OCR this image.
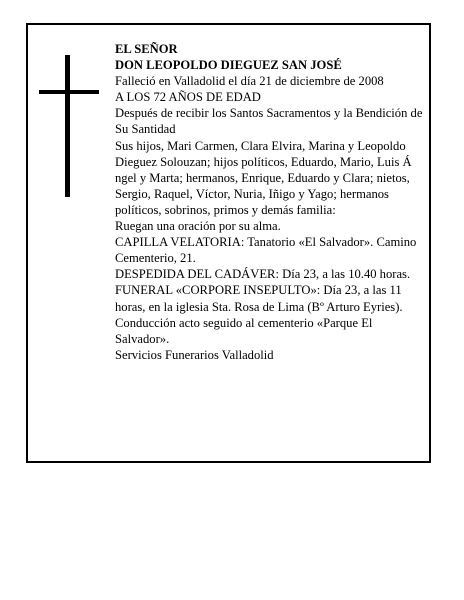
EL SEÑOR

DON LEOPOLDO DIEGUEZ SAN JOSÉ

Falleció en Valladolid el día 21 de diciembre de 2008

A LOS 72 AÑOS DE EDAD

Después de recibir los Santos Sacramentos y la Bendición de Su Santidad

Sus hijos, Mari Carmen, Clara Elvira, Marina y Leopoldo Dieguez Solouzan; hijos políticos, Eduardo, Mario, Luis Á ngel y Marta; hermanos, Enrique, Eduardo y Clara; nietos, Sergio, Raquel, Víctor, Nuria, Iñigo y Yago; hermanos políticos, sobrinos, primos y demás familia:

Ruegan una oración por su alma.

CAPILLA VELATORIA: Tanatorio «El Salvador». Camino Cementerio, 21.

DESPEDIDA DEL CADÁVER: Día 23, a las 10.40 horas.

FUNERAL «CORPORE INSEPULTO»: Día 23, a las 11 horas, en la iglesia Sta. Rosa de Lima (Bº Arturo Eyries). Conducción acto seguido al cementerio «Parque El Salvador».

Servicios Funerarios Valladolid
